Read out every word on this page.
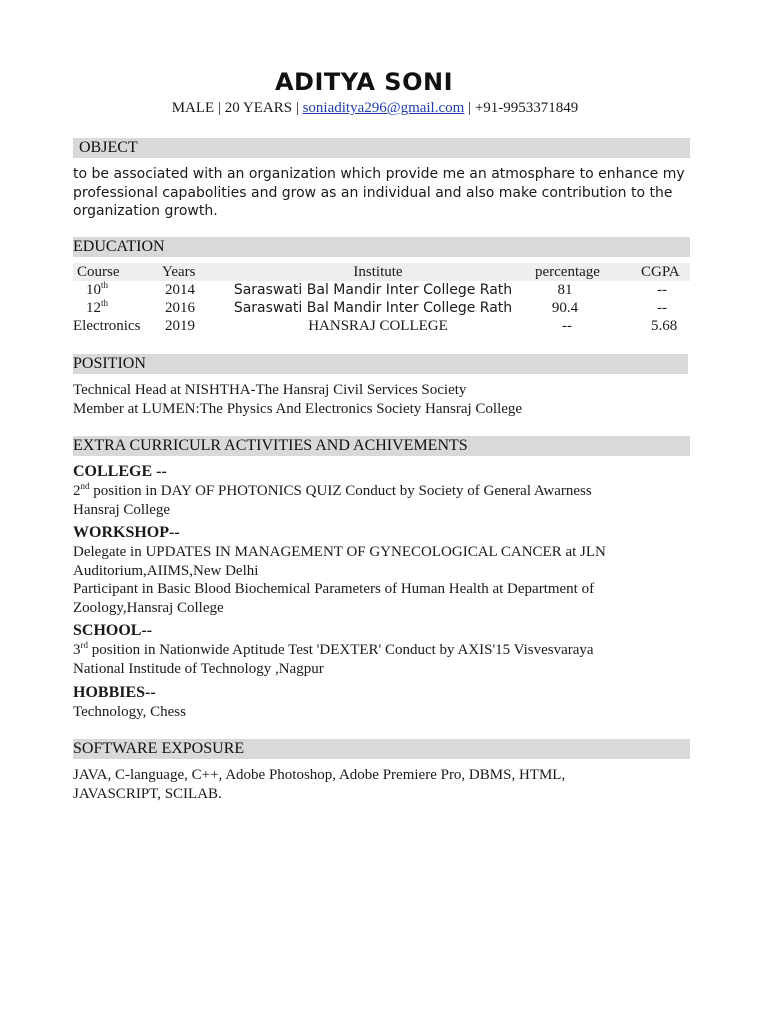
ADITYA SONI
MALE | 20 YEARS | soniaditya296@gmail.com | +91-9953371849
OBJECT
to be associated with an organization which provide me an atmosphare to enhance my
professional capabolities and grow as an individual and also make contribution to the
organization growth.
EDUCATION
Course	Years	Institute	percentage	CGPA
10th	2014	Saraswati Bal Mandir Inter College Rath	81	--
12th	2016	Saraswati Bal Mandir Inter College Rath	90.4	--
Electronics 2019	HANSRAJ COLLEGE	--	5.68
POSITION
Technical Head at NISHTHA-The Hansraj Civil Services Society
Member at LUMEN:The Physics And Electronics Society Hansraj College
EXTRA CURRICULR ACTIVITIES AND ACHIVEMENTS
COLLEGE --
2nd position in DAY OF PHOTONICS QUIZ Conduct by Society of General Awarness
Hansraj College
WORKSHOP--
Delegate in UPDATES IN MANAGEMENT OF GYNECOLOGICAL CANCER at JLN
Auditorium,AIIMS,New Delhi
Participant in Basic Blood Biochemical Parameters of Human Health at Department of
Zoology,Hansraj College
SCHOOL--
3rd position in Nationwide Aptitude Test 'DEXTER' Conduct by AXIS'15 Visvesvaraya
National Institude of Technology ,Nagpur
HOBBIES--
Technology, Chess
SOFTWARE EXPOSURE
JAVA, C-language, C++, Adobe Photoshop, Adobe Premiere Pro, DBMS, HTML,
JAVASCRIPT, SCILAB.
